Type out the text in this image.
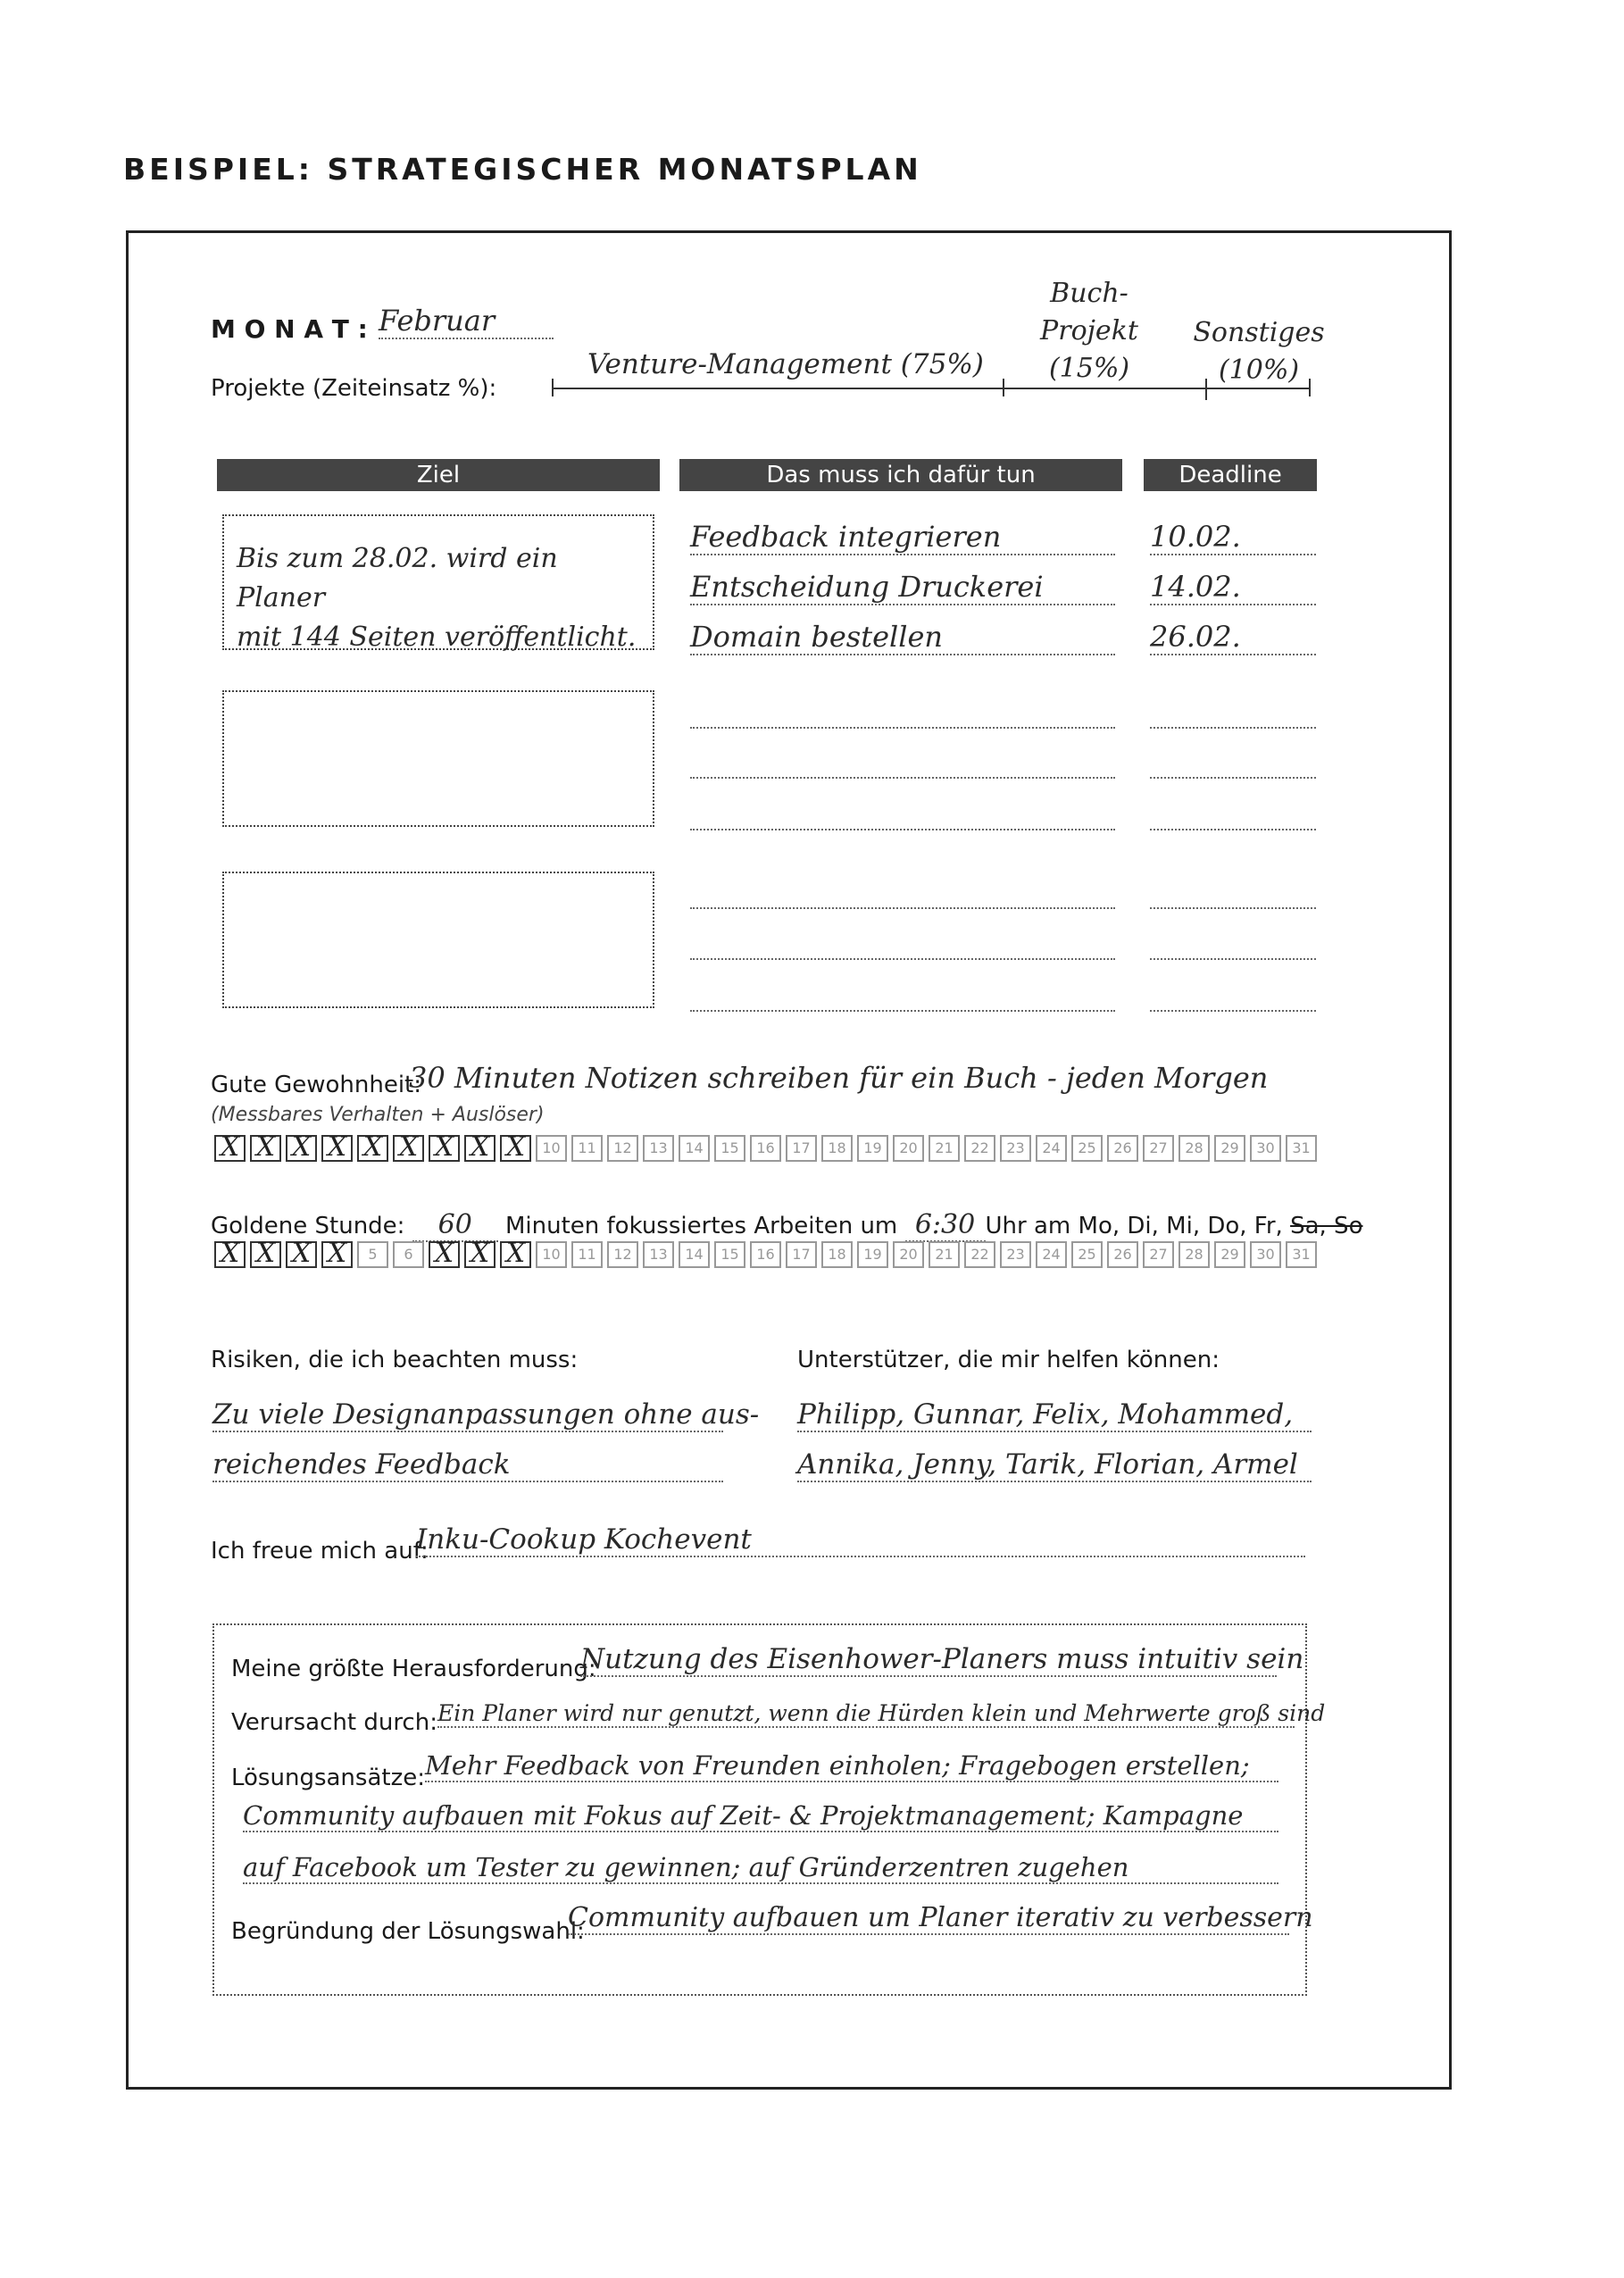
BEISPIEL: STRATEGISCHER MONATSPLAN
M O N A T : Februar
Projekte (Zeiteinsatz %):
Venture-Management (75%)
Buch-
Projekt
(15%)
Sonstiges
(10%)
Ziel	Das muss ich dafür tun	Deadline
Bis zum 28.02. wird ein Planer
mit 144 Seiten veröffentlicht.
Feedback integrieren	10.02.
Entscheidung Druckerei	14.02.
Domain bestellen	26.02.
Gute Gewohnheit:
30 Minuten Notizen schreiben für ein Buch - jeden Morgen
(Messbares Verhalten + Auslöser)
X X X X X X X X X	10	11	12	13	14	15	16	17	18	19	20	21	22	23	24	25	26	27	28	29	30	31
Goldene Stunde: 60 Minuten fokussiertes Arbeiten um 6:30 Uhr am Mo, Di, Mi, Do, Fr, Sa, So
X X X X	5	6 X X X	10	11	12	13	14	15	16	17	18	19	20	21	22	23	24	25	26	27	28	29	30	31
Risiken, die ich beachten muss:	Unterstützer, die mir helfen können:
Zu viele Designanpassungen ohne aus-
reichendes Feedback
Philipp, Gunnar, Felix, Mohammed,
Annika, Jenny, Tarik, Florian, Armel
Ich freue mich auf:
Inku-Cookup Kochevent
Meine größte Herausforderung:
Nutzung des Eisenhower-Planers muss intuitiv sein
Verursacht durch: Ein Planer wird nur genutzt, wenn die Hürden klein und Mehrwerte groß sind
Lösungsansätze: Mehr Feedback von Freunden einholen; Fragebogen erstellen;
Community aufbauen mit Fokus auf Zeit- & Projektmanagement; Kampagne
auf Facebook um Tester zu gewinnen; auf Gründerzentren zugehen
Begründung der Lösungswahl:
Community aufbauen um Planer iterativ zu verbessern
